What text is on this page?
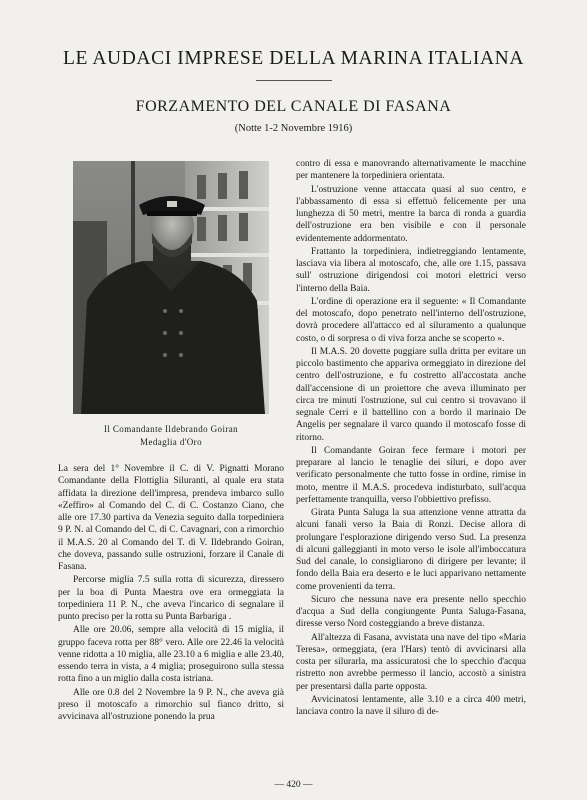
LE AUDACI IMPRESE DELLA MARINA ITALIANA
FORZAMENTO DEL CANALE DI FASANA
(Notte 1-2 Novembre 1916)
Il Comandante Ildebrando Goiran
Medaglia d'Oro

La sera del 1° Novembre il C. di V. Pignatti Morano Comandante della Flottiglia Siluranti, al quale era stata affidata la direzione dell'impresa, prendeva imbarco sullo «Zeffiro» al Comando del C. di C. Costanzo Ciano, che alle ore 17.30 partiva da Venezia seguito dalla torpediniera 9 P. N. al Comando del C. di C. Cavagnari, con a rimorchio il M.A.S. 20 al Comando del T. di V. Ildebrando Goiran, che doveva, passando sulle ostruzioni, forzare il Canale di Fasana.

Percorse miglia 7.5 sulla rotta di sicurezza, diressero per la boa di Punta Maestra ove era ormeggiata la torpediniera 11 P. N., che aveva l'incarico di segnalare il punto preciso per la rotta su Punta Barbariga .

Alle ore 20.06, sempre alla velocità di 15 miglia, il gruppo faceva rotta per 88° vero. Alle ore 22.46 la velocità venne ridotta a 10 miglia, alle 23.10 a 6 miglia e alle 23.40, essendo terra in vista, a 4 miglia; proseguirono sulla stessa rotta fino a un miglio dalla costa istriana.

Alle ore 0.8 del 2 Novembre la 9 P. N., che aveva già preso il motoscafo a rimorchio sul fianco dritto, si avvicinava all'ostruzione ponendo la prua

contro di essa e manovrando alternativamente le macchine per mantenere la torpediniera orientata.

L'ostruzione venne attaccata quasi al suo centro, e l'abbassamento di essa si effettuò felicemente per una lunghezza di 50 metri, mentre la barca di ronda a guardia dell'ostruzione era ben visibile e con il personale evidentemente addormentato.

Frattanto la torpediniera, indietreggiando lentamente, lasciava via libera al motoscafo, che, alle ore 1.15, passava sull' ostruzione dirigendosi coi motori elettrici verso l'interno della Baia.

L'ordine di operazione era il seguente: « Il Comandante del motoscafo, dopo penetrato nell'interno dell'ostruzione, dovrà procedere all'attacco ed al siluramento a qualunque costo, o di sorpresa o di viva forza anche se scoperto ».

Il M.A.S. 20 dovette puggiare sulla dritta per evitare un piccolo bastimento che appariva ormeggiato in direzione del centro dell'ostruzione, e fu costretto all'accostata anche dall'accensione di un proiettore che aveva illuminato per circa tre minuti l'ostruzione, sul cui centro si trovavano il segnale Cerri e il battellino con a bordo il marinaio De Angelis per segnalare il varco quando il motoscafo fosse di ritorno.

Il Comandante Goiran fece fermare i motori per preparare al lancio le tenaglie dei siluri, e dopo aver verificato personalmente che tutto fosse in ordine, rimise in moto, mentre il M.A.S. procedeva indisturbato, sull'acqua perfettamente tranquilla, verso l'obbiettivo prefisso.

Girata Punta Saluga la sua attenzione venne attratta da alcuni fanali verso la Baia di Ronzi. Decise allora di prolungare l'esplorazione dirigendo verso Sud. La presenza di alcuni galleggianti in moto verso le isole all'imboccatura Sud del canale, lo consigliarono di dirigere per levante; il fondo della Baia era deserto e le luci apparivano nettamente come provenienti da terra.

Sicuro che nessuna nave era presente nello specchio d'acqua a Sud della congiungente Punta Saluga-Fasana, diresse verso Nord costeggiando a breve distanza.

All'altezza di Fasana, avvistata una nave del tipo «Maria Teresa», ormeggiata, (era l'Hars) tentò di avvicinarsi alla costa per silurarla, ma assicuratosi che lo specchio d'acqua ristretto non avrebbe permesso il lancio, accostò a sinistra per presentarsi dalla parte opposta.

Avvicinatosi lentamente, alle 3.10 e a circa 400 metri, lanciava contro la nave il siluro di de-

— 420 —
